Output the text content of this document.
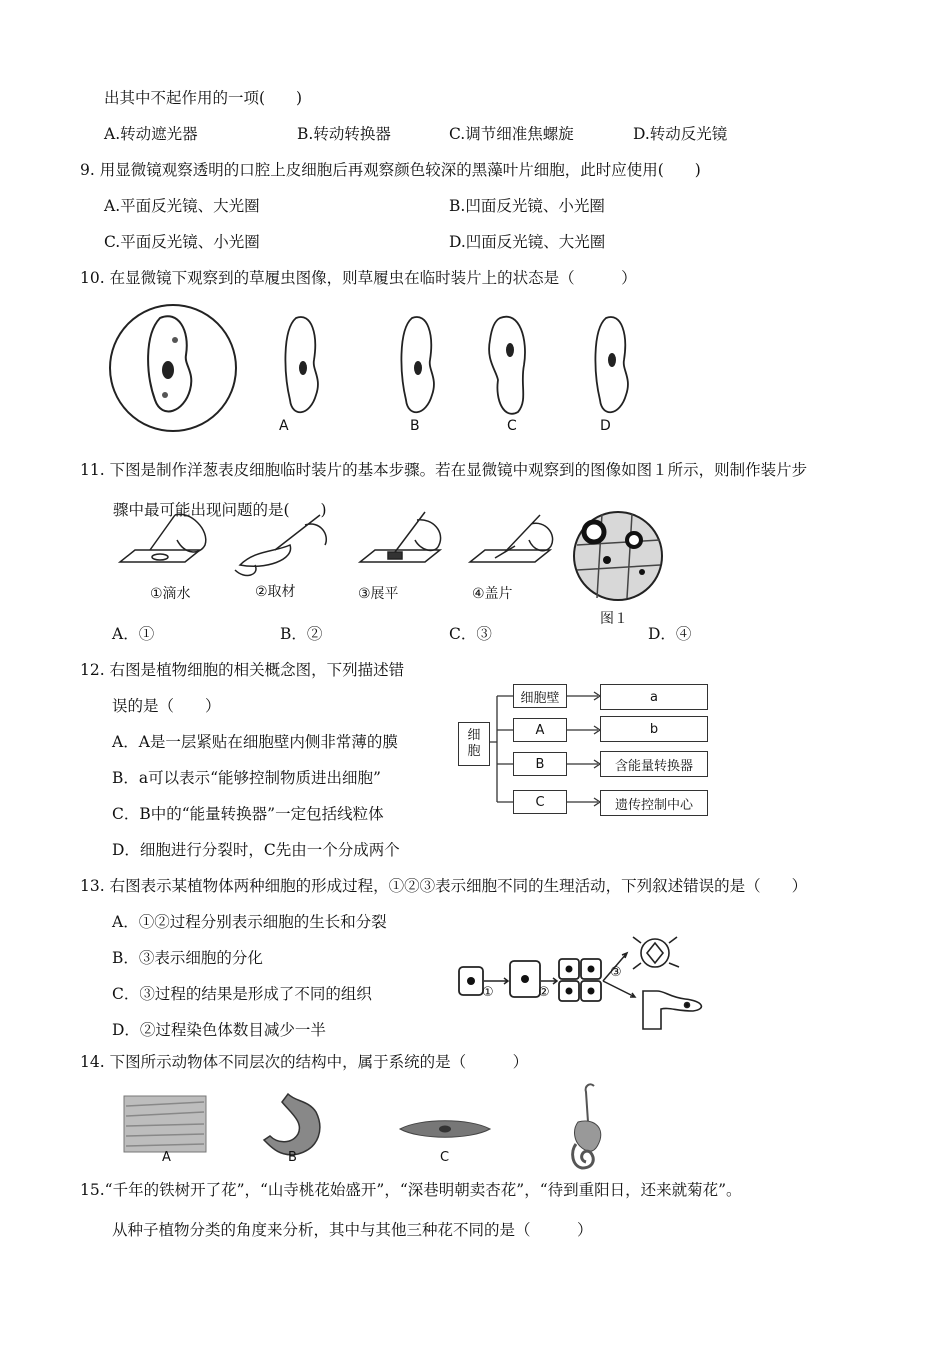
出其中不起作用的一项(　　)
A.转动遮光器	B.转动转换器	C.调节细准焦螺旋	D.转动反光镜
9. 用显微镜观察透明的口腔上皮细胞后再观察颜色较深的黑藻叶片细胞，此时应使用(　　)
A.平面反光镜、大光圈	B.凹面反光镜、小光圈
C.平面反光镜、小光圈	D.凹面反光镜、大光圈
10. 在显微镜下观察到的草履虫图像，则草履虫在临时装片上的状态是（　　　）
A	B	C	D
11. 下图是制作洋葱表皮细胞临时装片的基本步骤。若在显微镜中观察到的图像如图１所示，则制作装片步
骤中最可能出现问题的是(　　)
①滴水	②取材	③展平	④盖片
图１
A．①	B．②	C．③	D．④
12. 右图是植物细胞的相关概念图，下列描述错
误的是（　　）
A．A是一层紧贴在细胞壁内侧非常薄的膜
B．a可以表示“能够控制物质进出细胞”
C．B中的“能量转换器”一定包括线粒体
D．细胞进行分裂时，C先由一个分成两个
细胞
细胞壁
A
B
C
a
b
含能量转换器
遗传控制中心
13. 右图表示某植物体两种细胞的形成过程，①②③表示细胞不同的生理活动，下列叙述错误的是（　　）
A．①②过程分别表示细胞的生长和分裂
B．③表示细胞的分化
C．③过程的结果是形成了不同的组织
D．②过程染色体数目减少一半
①	②
③
14. 下图所示动物体不同层次的结构中，属于系统的是（　　　）
A	B	C
15.“千年的铁树开了花”，“山寺桃花始盛开”，“深巷明朝卖杏花”，“待到重阳日，还来就菊花”。
从种子植物分类的角度来分析，其中与其他三种花不同的是（　　　）
